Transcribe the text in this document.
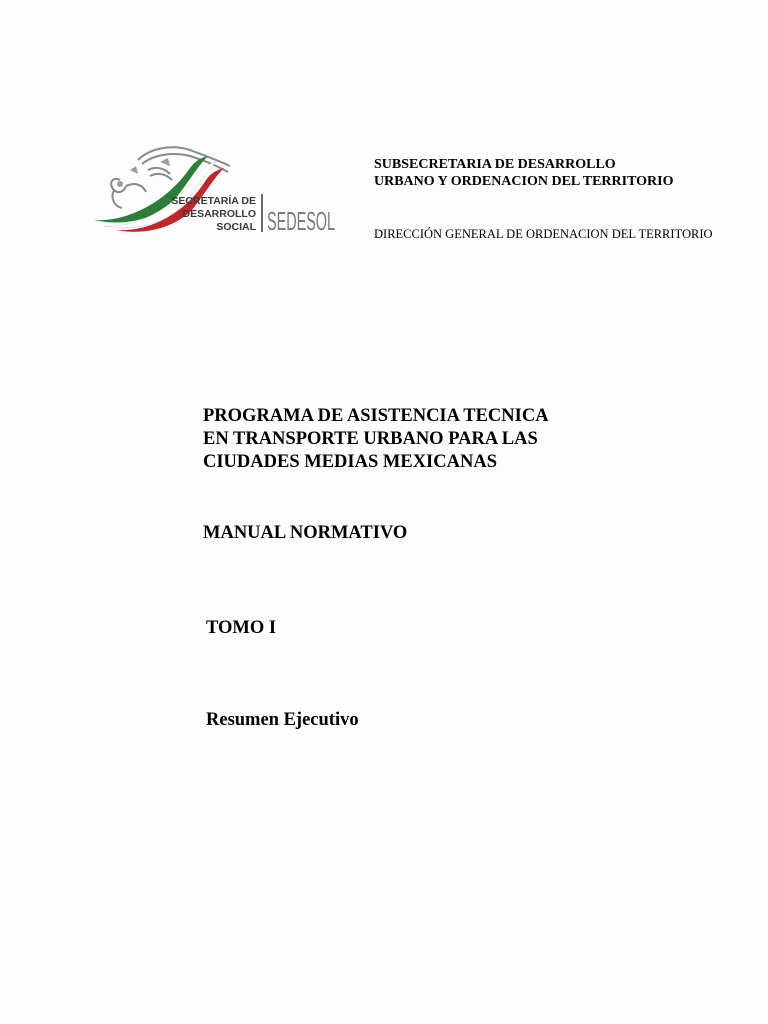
SECRETARÍA DE
DESARROLLO
SOCIAL SEDESOL

SUBSECRETARIA DE DESARROLLO

URBANO Y ORDENACION DEL TERRITORIO

DIRECCIÓN GENERAL DE ORDENACION DEL TERRITORIO

PROGRAMA DE ASISTENCIA TECNICA
EN TRANSPORTE URBANO PARA LAS
CIUDADES MEDIAS MEXICANAS

MANUAL NORMATIVO

TOMO I

Resumen Ejecutivo
